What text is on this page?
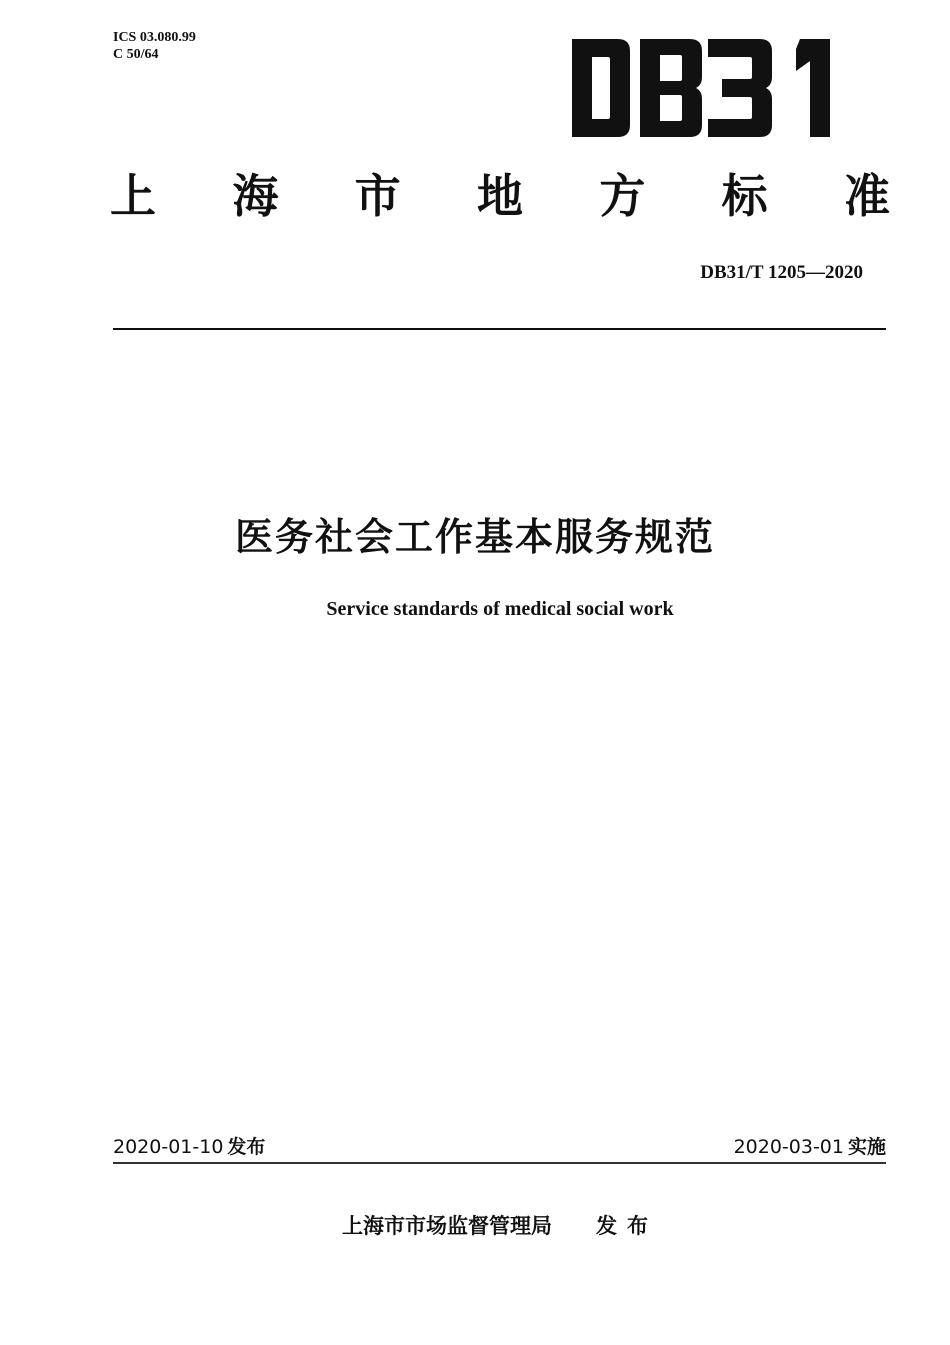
ICS 03.080.99
C 50/64
上 海 市 地 方 标 准
DB31/T 1205—2020
医务社会工作基本服务规范
Service standards of medical social work
2020-01-10 发布	2020-03-01 实施
上海市市场监督管理局 发布
